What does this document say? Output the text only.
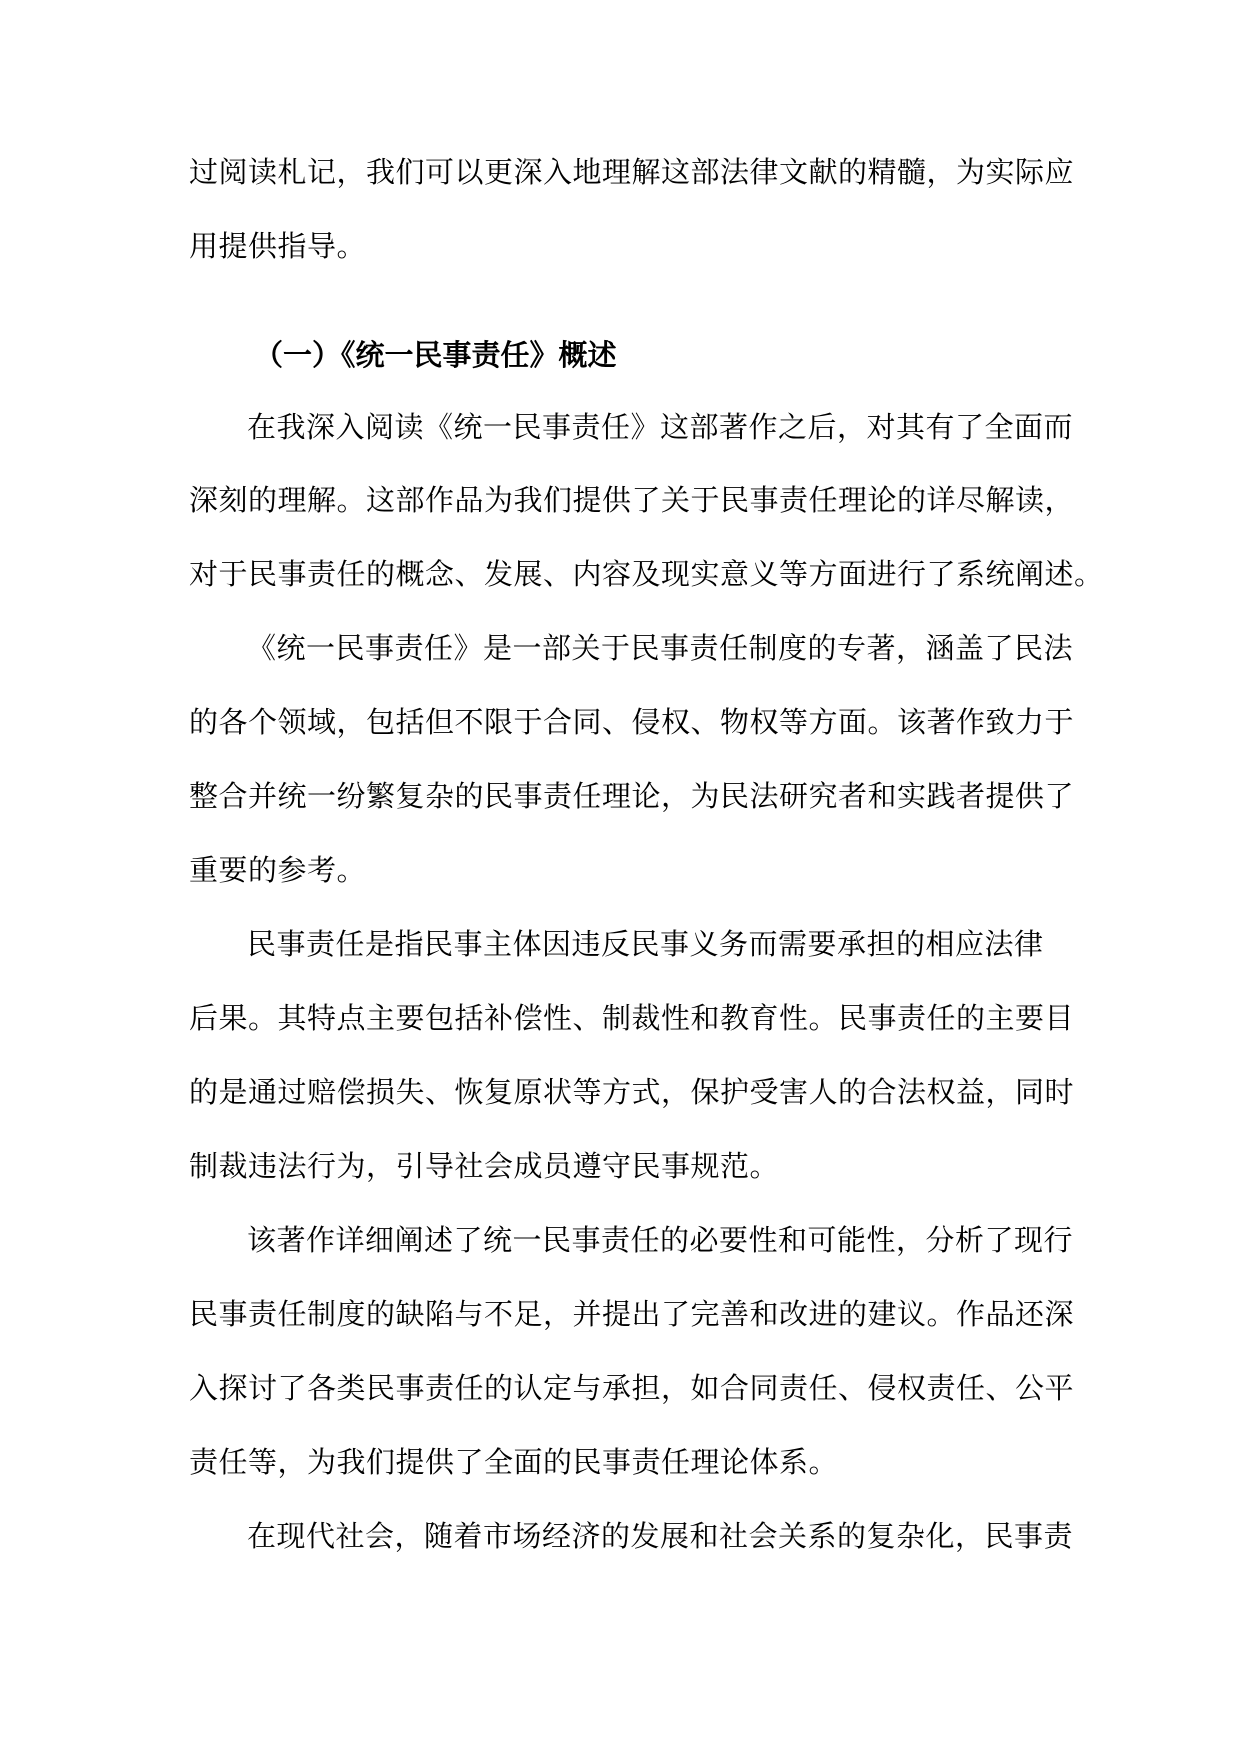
过阅读札记，我们可以更深入地理解这部法律文献的精髓，为实际应
用提供指导。
（一）《统一民事责任》概述
在我深入阅读《统一民事责任》这部著作之后，对其有了全面而
深刻的理解。这部作品为我们提供了关于民事责任理论的详尽解读，
对于民事责任的概念、发展、内容及现实意义等方面进行了系统阐述。
《统一民事责任》是一部关于民事责任制度的专著，涵盖了民法
的各个领域，包括但不限于合同、侵权、物权等方面。该著作致力于
整合并统一纷繁复杂的民事责任理论，为民法研究者和实践者提供了
重要的参考。
民事责任是指民事主体因违反民事义务而需要承担的相应法律
后果。其特点主要包括补偿性、制裁性和教育性。民事责任的主要目
的是通过赔偿损失、恢复原状等方式，保护受害人的合法权益，同时
制裁违法行为，引导社会成员遵守民事规范。
该著作详细阐述了统一民事责任的必要性和可能性，分析了现行
民事责任制度的缺陷与不足，并提出了完善和改进的建议。作品还深
入探讨了各类民事责任的认定与承担，如合同责任、侵权责任、公平
责任等，为我们提供了全面的民事责任理论体系。
在现代社会，随着市场经济的发展和社会关系的复杂化，民事责
